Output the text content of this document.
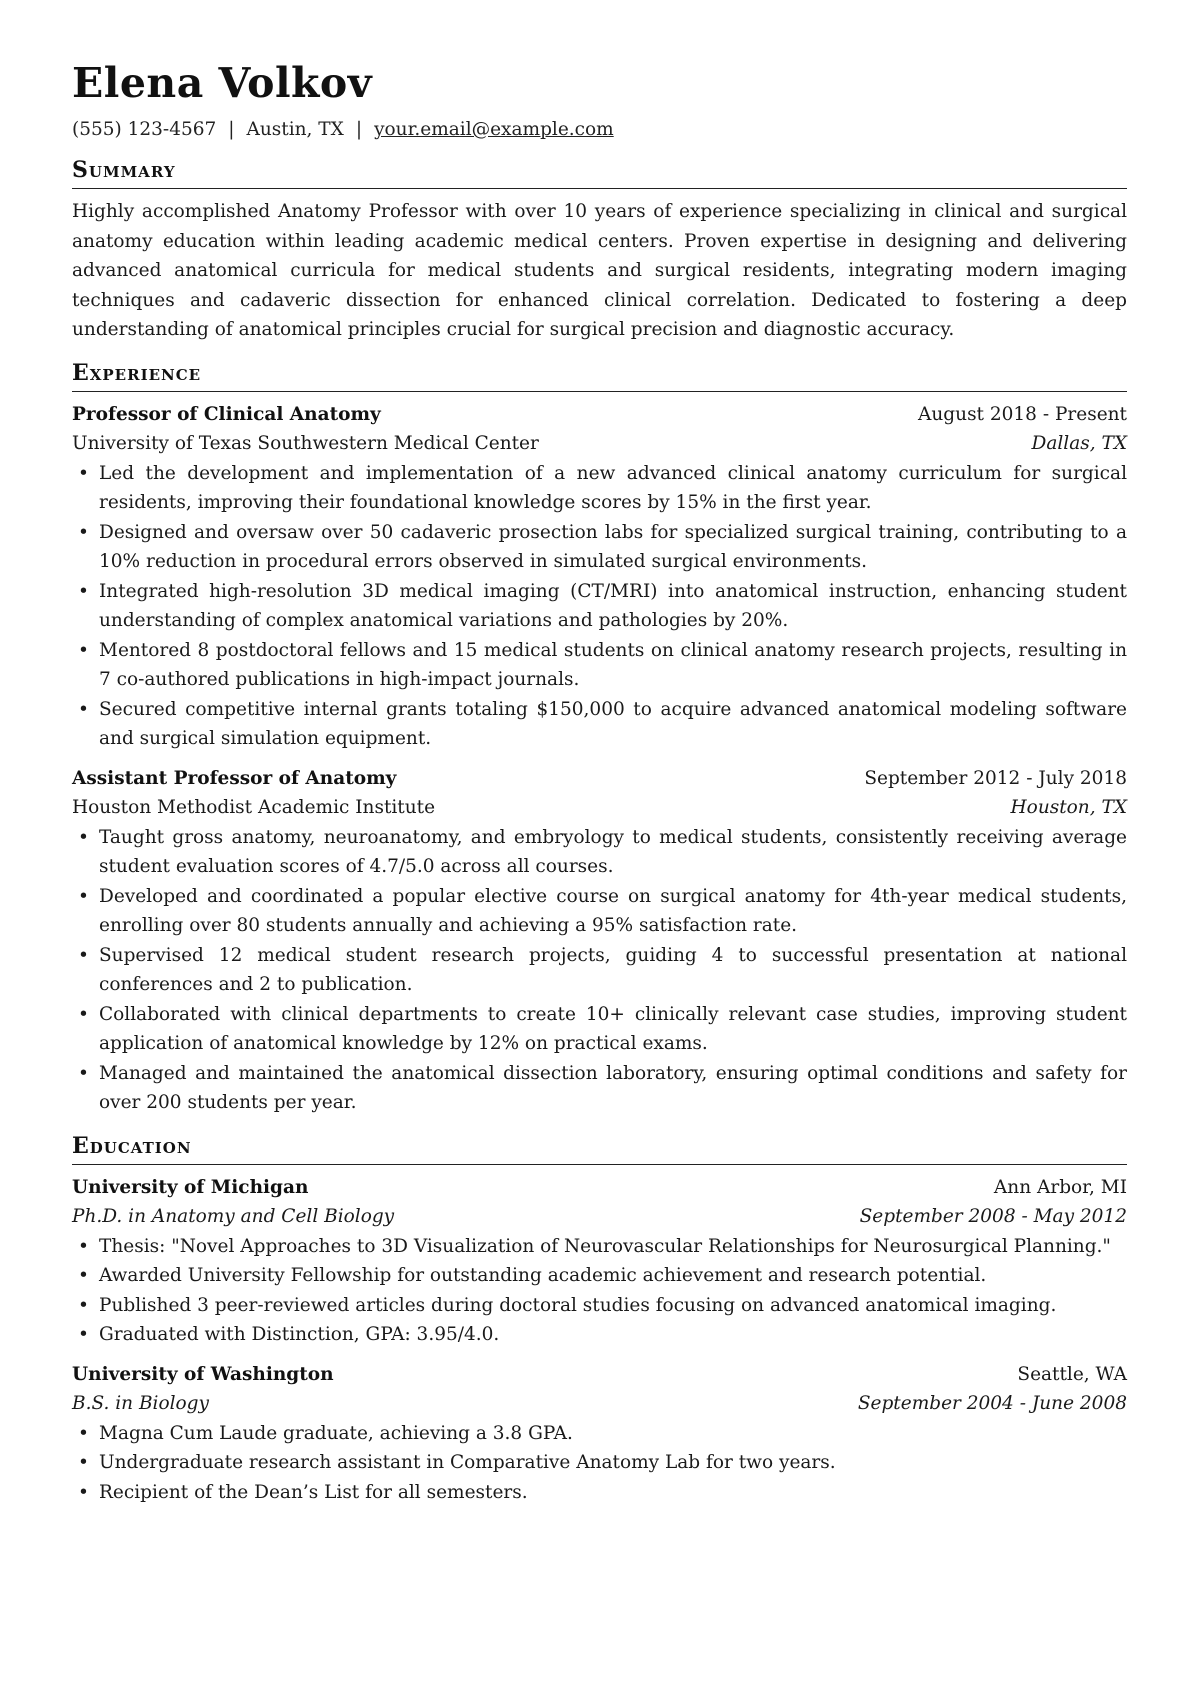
Elena Volkov
(555) 123-4567 | Austin, TX | your.email@example.com
Summary

Highly accomplished Anatomy Professor with over 10 years of experience specializing in clinical and surgical anatomy education within leading academic medical centers. Proven expertise in designing and delivering advanced anatomical curricula for medical students and surgical residents, integrating modern imaging techniques and cadaveric dissection for enhanced clinical correlation. Dedicated to fostering a deep understanding of anatomical principles crucial for surgical precision and diagnostic accuracy.

Experience
Professor of Clinical Anatomy	August 2018 - Present
University of Texas Southwestern Medical Center	Dallas, TX
• Led the development and implementation of a new advanced clinical anatomy curriculum for surgical residents, improving their foundational knowledge scores by 15% in the first year.
• Designed and oversaw over 50 cadaveric prosection labs for specialized surgical training, contributing to a 10% reduction in procedural errors observed in simulated surgical environments.
• Integrated high-resolution 3D medical imaging (CT/MRI) into anatomical instruction, enhancing student understanding of complex anatomical variations and pathologies by 20%.
• Mentored 8 postdoctoral fellows and 15 medical students on clinical anatomy research projects, resulting in 7 co-authored publications in high-impact journals.
• Secured competitive internal grants totaling $150,000 to acquire advanced anatomical modeling software and surgical simulation equipment.
Assistant Professor of Anatomy	September 2012 - July 2018
Houston Methodist Academic Institute	Houston, TX
• Taught gross anatomy, neuroanatomy, and embryology to medical students, consistently receiving average student evaluation scores of 4.7/5.0 across all courses.
• Developed and coordinated a popular elective course on surgical anatomy for 4th-year medical students, enrolling over 80 students annually and achieving a 95% satisfaction rate.
• Supervised 12 medical student research projects, guiding 4 to successful presentation at national conferences and 2 to publication.
• Collaborated with clinical departments to create 10+ clinically relevant case studies, improving student application of anatomical knowledge by 12% on practical exams.
• Managed and maintained the anatomical dissection laboratory, ensuring optimal conditions and safety for over 200 students per year.
Education
University of Michigan	Ann Arbor, MI
Ph.D. in Anatomy and Cell Biology	September 2008 - May 2012
• Thesis: "Novel Approaches to 3D Visualization of Neurovascular Relationships for Neurosurgical Planning."
• Awarded University Fellowship for outstanding academic achievement and research potential.
• Published 3 peer-reviewed articles during doctoral studies focusing on advanced anatomical imaging.
• Graduated with Distinction, GPA: 3.95/4.0.
University of Washington	Seattle, WA
B.S. in Biology	September 2004 - June 2008
• Magna Cum Laude graduate, achieving a 3.8 GPA.
• Undergraduate research assistant in Comparative Anatomy Lab for two years.
• Recipient of the Dean’s List for all semesters.
